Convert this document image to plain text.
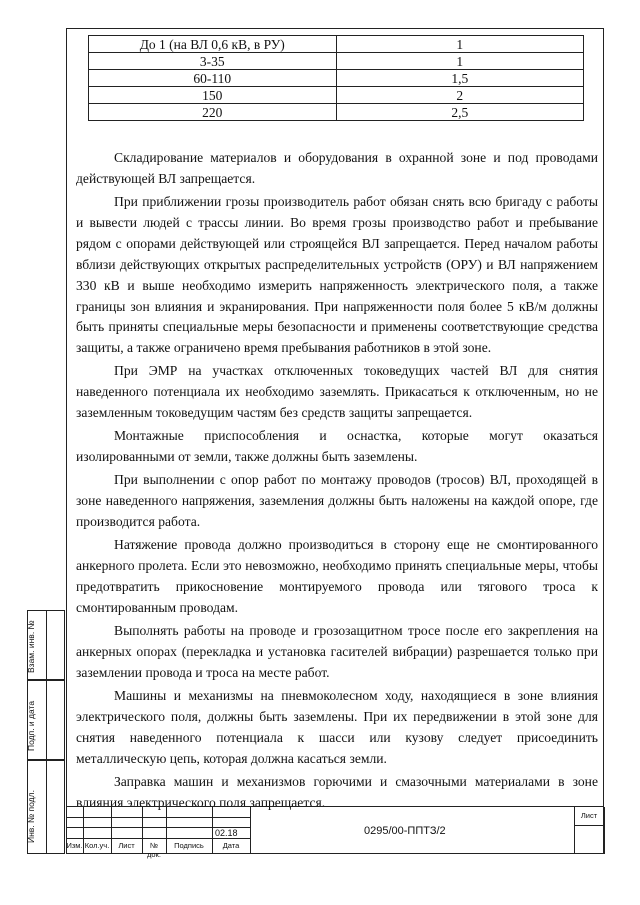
До 1 (на ВЛ 0,6 кВ, в РУ)	1
3-35	1
60-110	1,5
150	2
220	2,5

Складирование материалов и оборудования в охранной зоне и под проводами действующей ВЛ запрещается.

При приближении грозы производитель работ обязан снять всю бригаду с работы и вывести людей с трассы линии. Во время грозы производство работ и пребывание рядом с опорами действующей или строящейся ВЛ запрещается. Перед началом работы вблизи действующих открытых распределительных устройств (ОРУ) и ВЛ напряжением 330 кВ и выше необходимо измерить напряженность электрического поля, а также границы зон влияния и экранирования. При напряженности поля более 5 кВ/м должны быть приняты специальные меры безопасности и применены соответствующие средства защиты, а также ограничено время пребывания работников в этой зоне.

При ЭМР на участках отключенных токоведущих частей ВЛ для снятия наведенного потенциала их необходимо заземлять. Прикасаться к отключенным, но не заземленным токоведущим частям без средств защиты запрещается.

Монтажные приспособления и оснастка, которые могут оказаться изолированными от земли, также должны быть заземлены.

При выполнении с опор работ по монтажу проводов (тросов) ВЛ, проходящей в зоне наведенного напряжения, заземления должны быть наложены на каждой опоре, где производится работа.

Натяжение провода должно производиться в сторону еще не смонтированного анкерного пролета. Если это невозможно, необходимо принять специальные меры, чтобы предотвратить прикосновение монтируемого провода или тягового троса к смонтированным проводам.

Выполнять работы на проводе и грозозащитном тросе после его закрепления на анкерных опорах (перекладка и установка гасителей вибрации) разрешается только при заземлении провода и троса на месте работ.

Машины и механизмы на пневмоколесном ходу, находящиеся в зоне влияния электрического поля, должны быть заземлены. При их передвижении в этой зоне для снятия наведенного потенциала к шасси или кузову следует присоединить металлическую цепь, которая должна касаться земли.

Заправка машин и механизмов горючими и смазочными материалами в зоне влияния электрического поля запрещается.

Взам. инв. №
Подп. и дата
Инв. № подл.	02.18	0295/00-ППТЗ/2
Лист
Изм. Кол.уч.	Лист	№ док.
Подпись	Дата
